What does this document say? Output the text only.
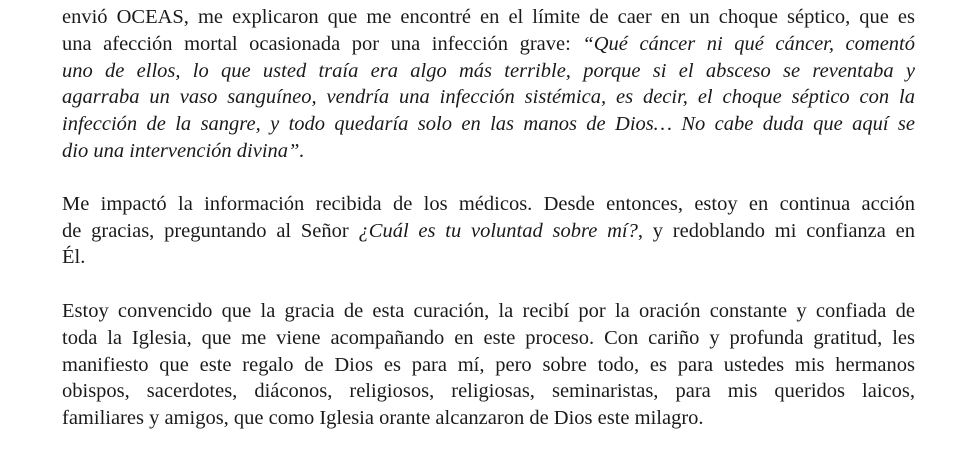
envió OCEAS, me explicaron que me encontré en el límite de caer en un choque séptico, que es
una afección mortal ocasionada por una infección grave: “Qué cáncer ni qué cáncer, comentó
uno de ellos, lo que usted traía era algo más terrible, porque si el absceso se reventaba y
agarraba un vaso sanguíneo, vendría una infección sistémica, es decir, el choque séptico con la
infección de la sangre, y todo quedaría solo en las manos de Dios… No cabe duda que aquí se
dio una intervención divina”.
Me impactó la información recibida de los médicos. Desde entonces, estoy en continua acción
de gracias, preguntando al Señor ¿Cuál es tu voluntad sobre mí?, y redoblando mi confianza en
Él.
Estoy convencido que la gracia de esta curación, la recibí por la oración constante y confiada de
toda la Iglesia, que me viene acompañando en este proceso. Con cariño y profunda gratitud, les
manifiesto que este regalo de Dios es para mí, pero sobre todo, es para ustedes mis hermanos
obispos, sacerdotes, diáconos, religiosos, religiosas, seminaristas, para mis queridos laicos,
familiares y amigos, que como Iglesia orante alcanzaron de Dios este milagro.
